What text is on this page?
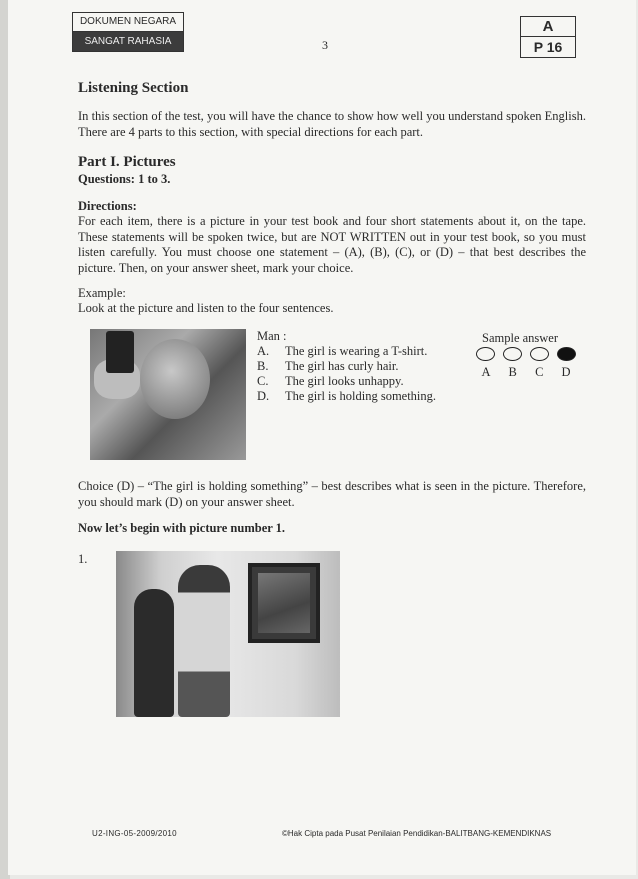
DOKUMEN NEGARA
SANGAT RAHASIA	3
A
P 16
Listening Section
In this section of the test, you will have the chance to show how well you understand spoken English. There are 4 parts to this section, with special directions for each part.
Part I. Pictures
Questions: 1 to 3.
Directions:
For each item, there is a picture in your test book and four short statements about it, on the tape. These statements will be spoken twice, but are NOT WRITTEN out in your test book, so you must listen carefully. You must choose one statement – (A), (B), (C), or (D) – that best describes the picture. Then, on your answer sheet, mark your choice.
Example:
Look at the picture and listen to the four sentences.
Man :
A.	The girl is wearing a T-shirt.
B.	The girl has curly hair.
C.	The girl looks unhappy.
D.	The girl is holding something.
Sample answer
A	B	C	D
Choice (D) – “The girl is holding something” – best describes what is seen in the picture. Therefore, you should mark (D) on your answer sheet.
Now let’s begin with picture number 1.
1.
U2-ING-05-2009/2010	©Hak Cipta pada Pusat Penilaian Pendidikan-BALITBANG-KEMENDIKNAS
